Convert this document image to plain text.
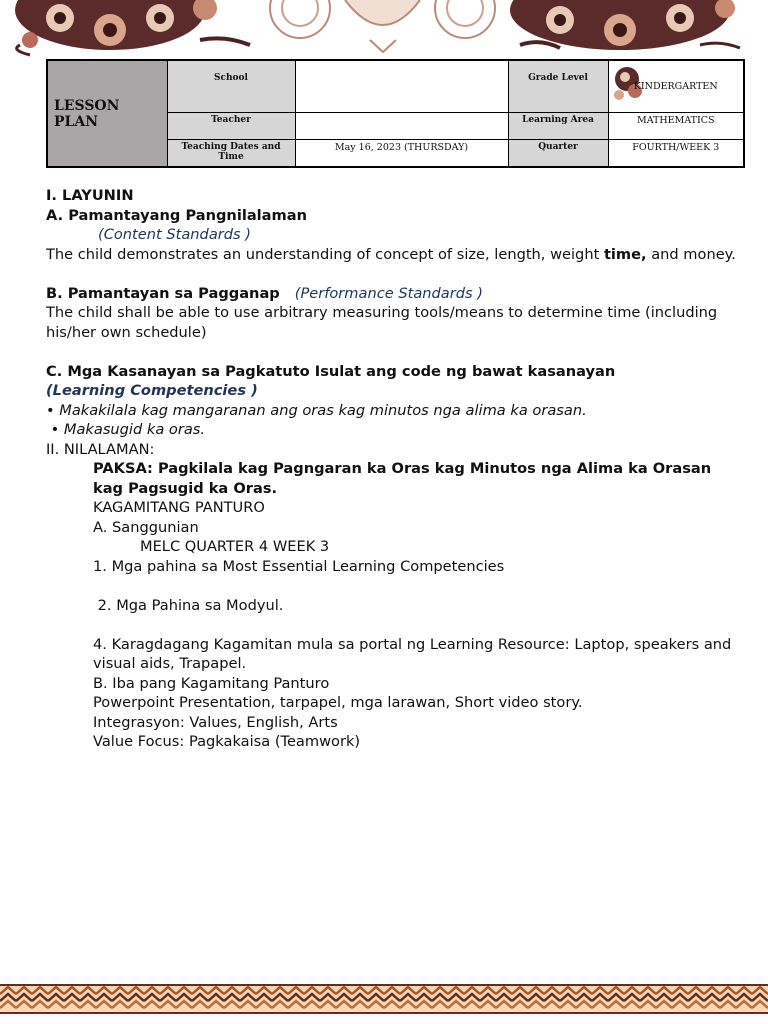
LESSON PLAN	School		Grade Level	KINDERGARTEN
	Teacher		Learning Area	MATHEMATICS
	Teaching Dates and Time	May 16, 2023 (THURSDAY)	Quarter	FOURTH/WEEK 3

I. LAYUNIN

A. Pamantayang Pangnilalaman

(Content Standards )

The child demonstrates an understanding of concept of size, length, weight time, and money.

B. Pamantayan sa Pagganap (Performance Standards )

The child shall be able to use arbitrary measuring tools/means to determine time (including his/her own schedule)

C. Mga Kasanayan sa Pagkatuto Isulat ang code ng bawat kasanayan

(Learning Competencies )

• Makakilala kag mangaranan ang oras kag minutos nga alima ka orasan.

• Makasugid ka oras.

II. NILALAMAN:

PAKSA: Pagkilala kag Pagngaran ka Oras kag Minutos nga Alima ka Orasan

kag Pagsugid ka Oras.

KAGAMITANG PANTURO

A. Sanggunian

MELC QUARTER 4 WEEK 3

1. Mga pahina sa Most Essential Learning Competencies

2. Mga Pahina sa Modyul.

4. Karagdagang Kagamitan mula sa portal ng Learning Resource: Laptop, speakers and visual aids, Trapapel.

B. Iba pang Kagamitang Panturo

Powerpoint Presentation, tarpapel, mga larawan, Short video story.

Integrasyon: Values, English, Arts

Value Focus: Pagkakaisa (Teamwork)
